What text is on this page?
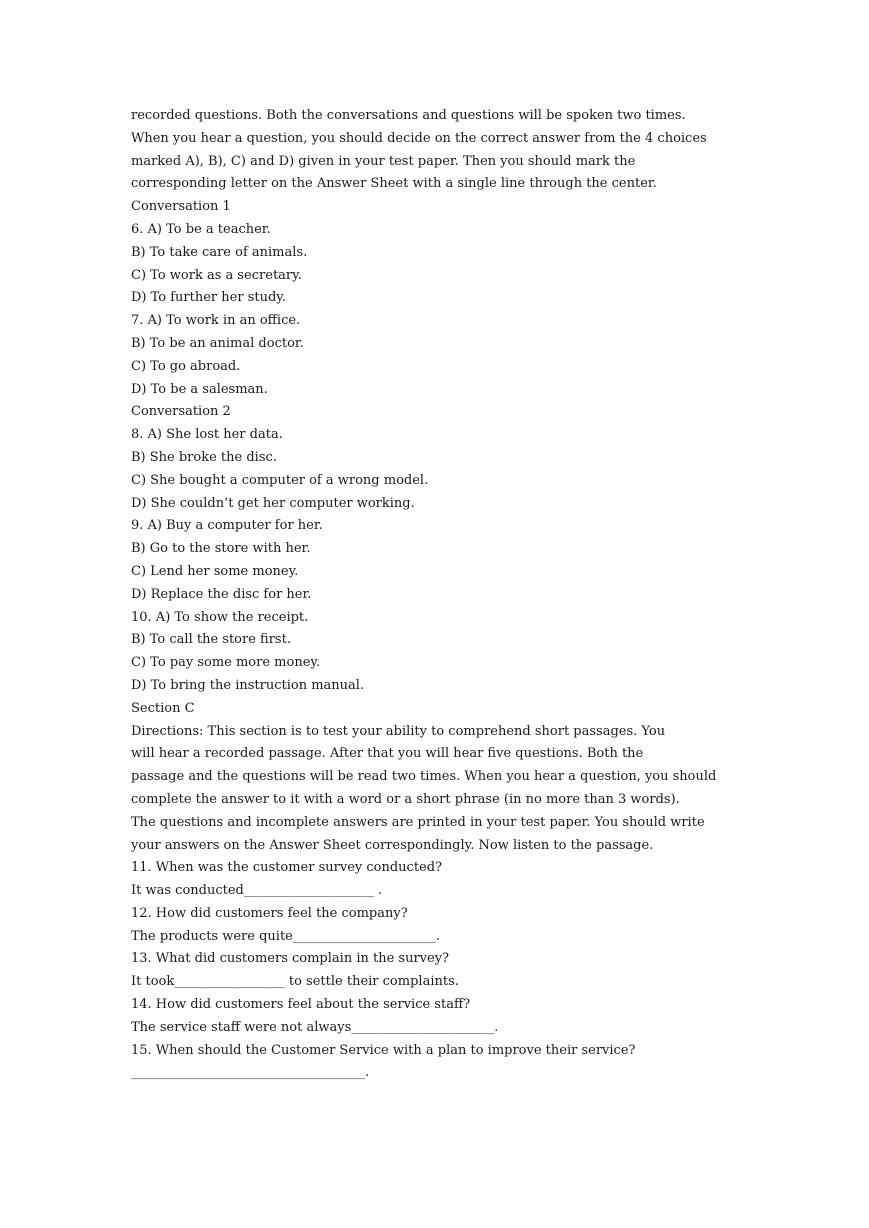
recorded questions. Both the conversations and questions will be spoken two times.
When you hear a question, you should decide on the correct answer from the 4 choices
marked A), B), C) and D) given in your test paper. Then you should mark the
corresponding letter on the Answer Sheet with a single line through the center.
Conversation 1
6. A) To be a teacher.
B) To take care of animals.
C) To work as a secretary.
D) To further her study.
7. A) To work in an office.
B) To be an animal doctor.
C) To go abroad.
D) To be a salesman.
Conversation 2
8. A) She lost her data.
B) She broke the disc.
C) She bought a computer of a wrong model.
D) She couldn’t get her computer working.
9. A) Buy a computer for her.
B) Go to the store with her.
C) Lend her some money.
D) Replace the disc for her.
10. A) To show the receipt.
B) To call the store first.
C) To pay some more money.
D) To bring the instruction manual.
Section C
Directions: This section is to test your ability to comprehend short passages. You
will hear a recorded passage. After that you will hear five questions. Both the
passage and the questions will be read two times. When you hear a question, you should
complete the answer to it with a word or a short phrase (in no more than 3 words).
The questions and incomplete answers are printed in your test paper. You should write
your answers on the Answer Sheet correspondingly. Now listen to the passage.
11. When was the customer survey conducted?
It was conducted____________________ .
12. How did customers feel the company?
The products were quite______________________.
13. What did customers complain in the survey?
It took_________________ to settle their complaints.
14. How did customers feel about the service staff?
The service staff were not always______________________.
15. When should the Customer Service with a plan to improve their service?
____________________________________.
